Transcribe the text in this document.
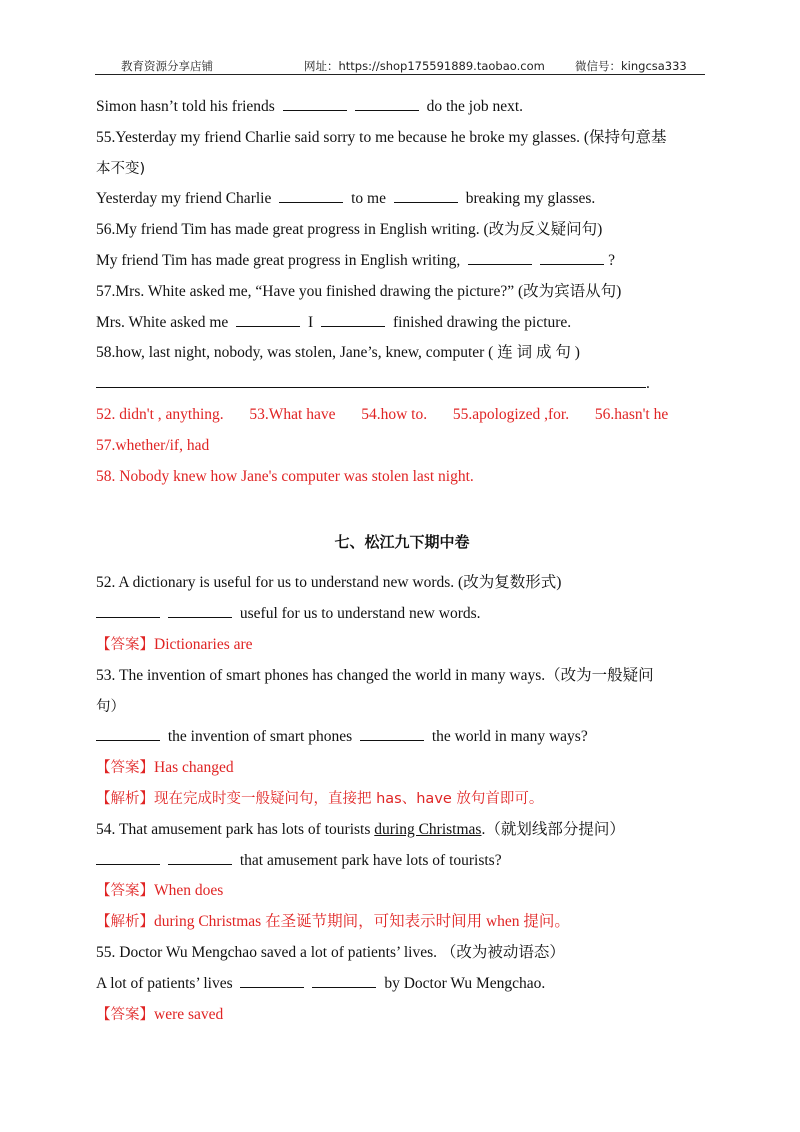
教育资源分享店铺	网址：https://shop175591889.taobao.com	微信号：kingcsa333
Simon hasn’t told his friends	do the job next.
55.Yesterday my friend Charlie said sorry to me because he broke my glasses. (保持句意基
本不变)
Yesterday my friend Charlie	to me	breaking my glasses.
56.My friend Tim has made great progress in English writing. (改为反义疑问句)
My friend Tim has made great progress in English writing,	?
57.Mrs. White asked me, “Have you finished drawing the picture?” (改为宾语从句)
Mrs. White asked me	I	finished drawing the picture.
58.how, last night, nobody, was stolen, Jane’s, knew, computer ( 连 词 成 句 )
.
52. didn't , anything. 53.What have 54.how to. 55.apologized ,for. 56.hasn't he
57.whether/if, had
58. Nobody knew how Jane's computer was stolen last night.
七、松江九下期中卷
52. A dictionary is useful for us to understand new words. (改为复数形式)
useful for us to understand new words.
【答案】Dictionaries are
53. The invention of smart phones has changed the world in many ways.（改为一般疑问
句）
the invention of smart phones	the world in many ways?
【答案】Has changed
【解析】现在完成时变一般疑问句，直接把 has、have 放句首即可。
54. That amusement park has lots of tourists during Christmas.（就划线部分提问）
that amusement park have lots of tourists?
【答案】When does
【解析】during Christmas 在圣诞节期间，可知表示时间用 when 提问。
55. Doctor Wu Mengchao saved a lot of patients’ lives. （改为被动语态）
A lot of patients’ lives	by Doctor Wu Mengchao.
【答案】were saved
